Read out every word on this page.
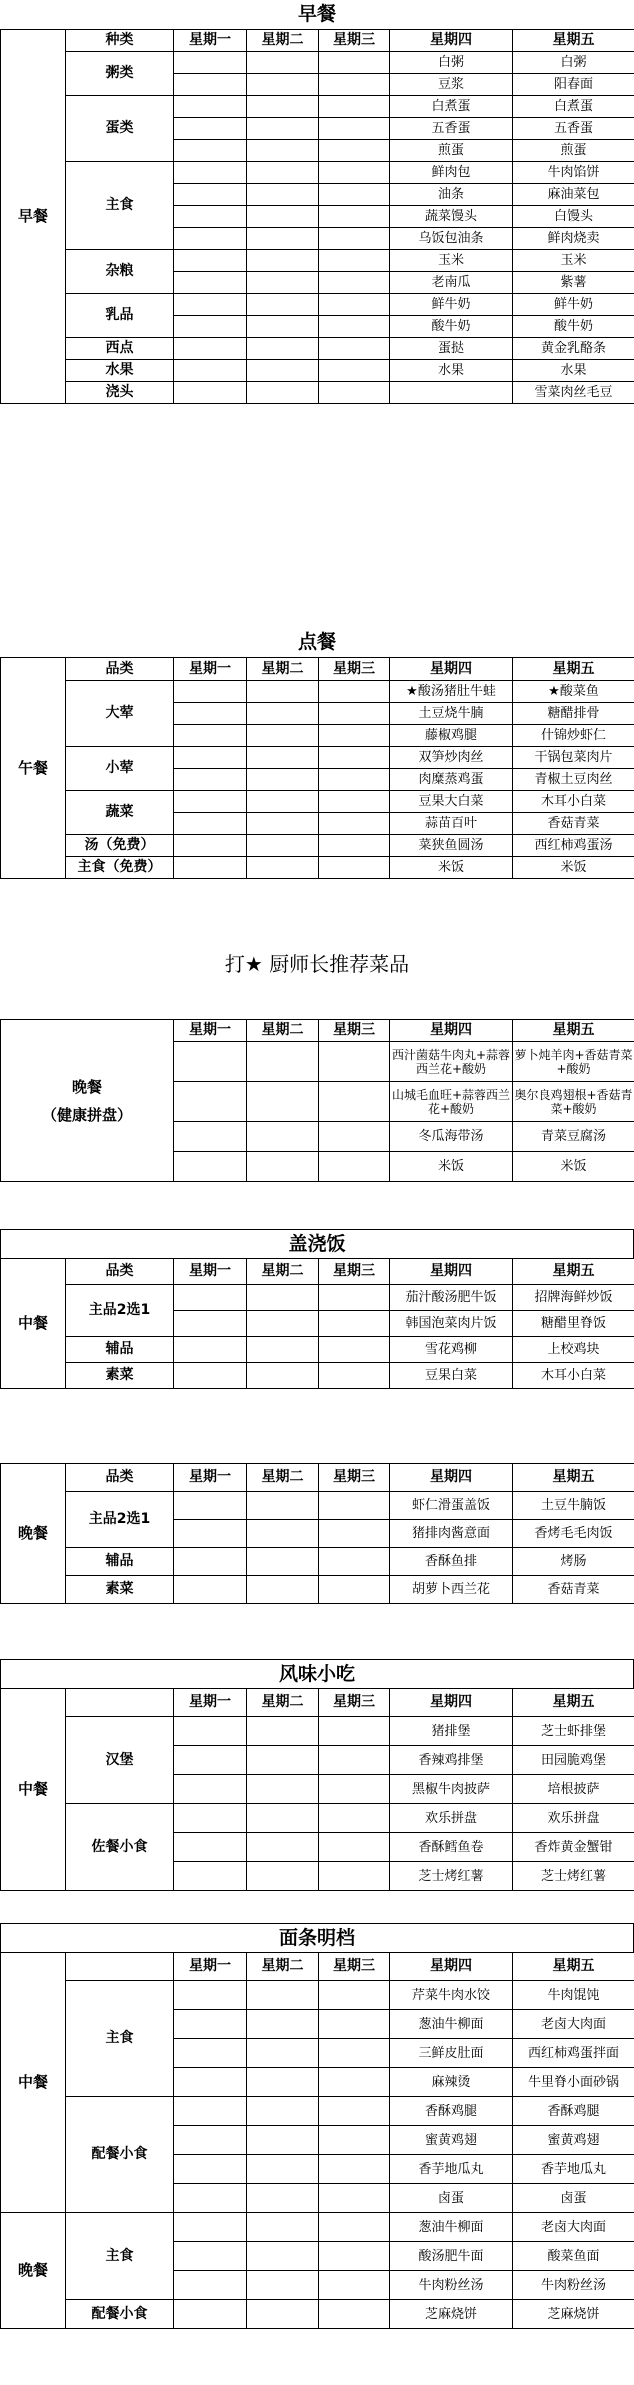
早餐
早餐	种类	星期一	星期二	星期三	星期四	星期五
	粥类				白粥	白粥
					豆浆	阳春面
	蛋类				白煮蛋	白煮蛋
					五香蛋	五香蛋
					煎蛋	煎蛋
	主食				鲜肉包	牛肉馅饼
					油条	麻油菜包
					蔬菜馒头	白馒头
					乌饭包油条	鲜肉烧卖
	杂粮				玉米	玉米
					老南瓜	紫薯
	乳品				鲜牛奶	鲜牛奶
					酸牛奶	酸牛奶
	西点				蛋挞	黄金乳酪条
	水果				水果	水果
	浇头					雪菜肉丝毛豆
点餐
午餐	品类	星期一	星期二	星期三	星期四	星期五
	大荤				★酸汤猪肚牛蛙	★酸菜鱼
					土豆烧牛腩	糖醋排骨
					藤椒鸡腿	什锦炒虾仁
	小荤				双笋炒肉丝	干锅包菜肉片
					肉糜蒸鸡蛋	青椒土豆肉丝
	蔬菜				豆果大白菜	木耳小白菜
					蒜苗百叶	香菇青菜
	汤（免费）				菜狭鱼圆汤	西红柿鸡蛋汤
	主食（免费）				米饭	米饭
打★ 厨师长推荐菜品
晚餐
（健康拼盘）	星期一	星期二	星期三	星期四	星期五
				西汁菌菇牛肉丸+蒜蓉西兰花+酸奶	萝卜炖羊肉+香菇青菜+酸奶
				山城毛血旺+蒜蓉西兰花+酸奶	奥尔良鸡翅根+香菇青菜+酸奶
				冬瓜海带汤	青菜豆腐汤
				米饭	米饭
盖浇饭
中餐	品类	星期一	星期二	星期三	星期四	星期五
	主品2选1				茄汁酸汤肥牛饭	招牌海鲜炒饭
					韩国泡菜肉片饭	糖醋里脊饭
	辅品				雪花鸡柳	上校鸡块
	素菜				豆果白菜	木耳小白菜
晚餐	品类	星期一	星期二	星期三	星期四	星期五
	主品2选1				虾仁滑蛋盖饭	土豆牛腩饭
					猪排肉酱意面	香烤毛毛肉饭
	辅品				香酥鱼排	烤肠
	素菜				胡萝卜西兰花	香菇青菜
风味小吃
中餐		星期一	星期二	星期三	星期四	星期五
	汉堡				猪排堡	芝士虾排堡
					香辣鸡排堡	田园脆鸡堡
					黑椒牛肉披萨	培根披萨
	佐餐小食				欢乐拼盘	欢乐拼盘
					香酥鳕鱼卷	香炸黄金蟹钳
					芝士烤红薯	芝士烤红薯
面条明档
中餐		星期一	星期二	星期三	星期四	星期五
	主食				芹菜牛肉水饺	牛肉馄饨
					葱油牛柳面	老卤大肉面
					三鲜皮肚面	西红柿鸡蛋拌面
					麻辣烫	牛里脊小面砂锅
	配餐小食				香酥鸡腿	香酥鸡腿
					蜜黄鸡翅	蜜黄鸡翅
					香芋地瓜丸	香芋地瓜丸
					卤蛋	卤蛋
晚餐	主食				葱油牛柳面	老卤大肉面
					酸汤肥牛面	酸菜鱼面
					牛肉粉丝汤	牛肉粉丝汤
	配餐小食				芝麻烧饼	芝麻烧饼
